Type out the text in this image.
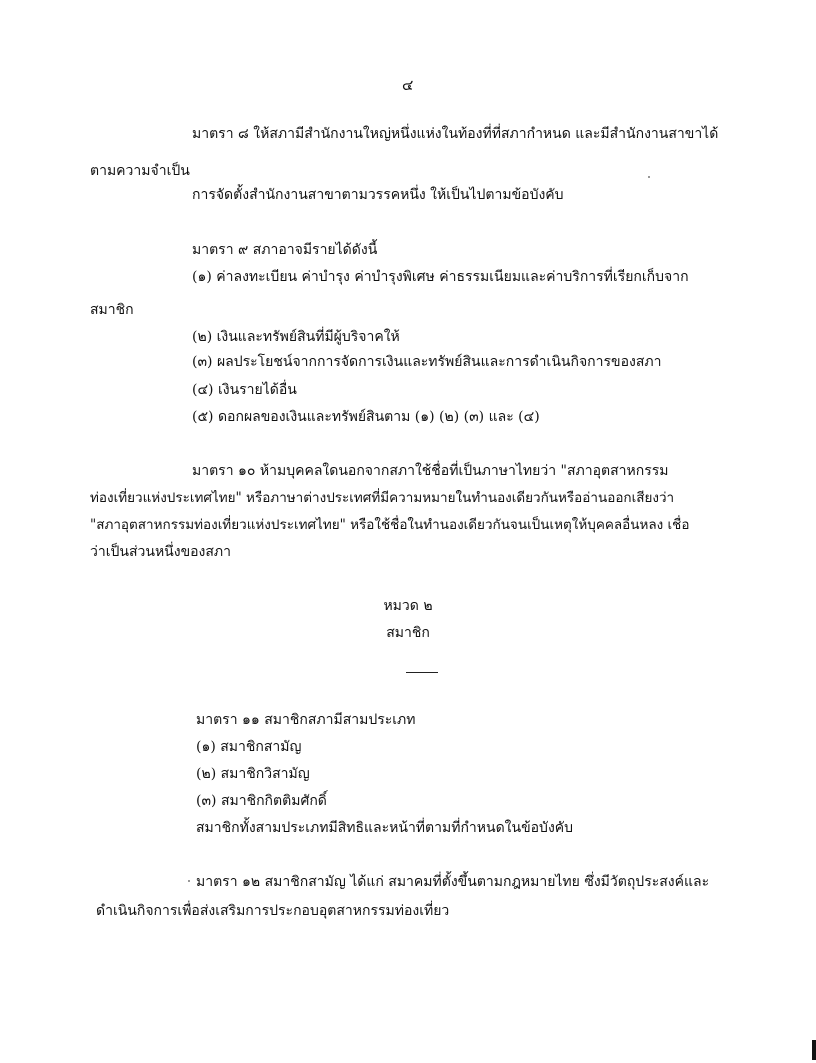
๔
มาตรา ๘ ให้สภามีสำนักงานใหญ่หนึ่งแห่งในท้องที่ที่สภากำหนด และมีสำนักงานสาขาได้
ตามความจำเป็น
การจัดตั้งสำนักงานสาขาตามวรรคหนึ่ง ให้เป็นไปตามข้อบังคับ
มาตรา ๙ สภาอาจมีรายได้ดังนี้
(๑) ค่าลงทะเบียน ค่าบำรุง ค่าบำรุงพิเศษ ค่าธรรมเนียมและค่าบริการที่เรียกเก็บจาก
สมาชิก
(๒) เงินและทรัพย์สินที่มีผู้บริจาคให้
(๓) ผลประโยชน์จากการจัดการเงินและทรัพย์สินและการดำเนินกิจการของสภา
(๔) เงินรายได้อื่น
(๕) ดอกผลของเงินและทรัพย์สินตาม (๑) (๒) (๓) และ (๔)
มาตรา ๑๐ ห้ามบุคคลใดนอกจากสภาใช้ชื่อที่เป็นภาษาไทยว่า "สภาอุตสาหกรรม
ท่องเที่ยวแห่งประเทศไทย" หรือภาษาต่างประเทศที่มีความหมายในทำนองเดียวกันหรืออ่านออกเสียงว่า
"สภาอุตสาหกรรมท่องเที่ยวแห่งประเทศไทย" หรือใช้ชื่อในทำนองเดียวกันจนเป็นเหตุให้บุคคลอื่นหลง เชื่อ
ว่าเป็นส่วนหนึ่งของสภา
หมวด ๒
สมาชิก
มาตรา ๑๑ สมาชิกสภามีสามประเภท
(๑) สมาชิกสามัญ
(๒) สมาชิกวิสามัญ
(๓) สมาชิกกิตติมศักดิ์
สมาชิกทั้งสามประเภทมีสิทธิและหน้าที่ตามที่กำหนดในข้อบังคับ
มาตรา ๑๒ สมาชิกสามัญ ได้แก่ สมาคมที่ตั้งขึ้นตามกฎหมายไทย ซึ่งมีวัตถุประสงค์และ
ดำเนินกิจการเพื่อส่งเสริมการประกอบอุตสาหกรรมท่องเที่ยว
